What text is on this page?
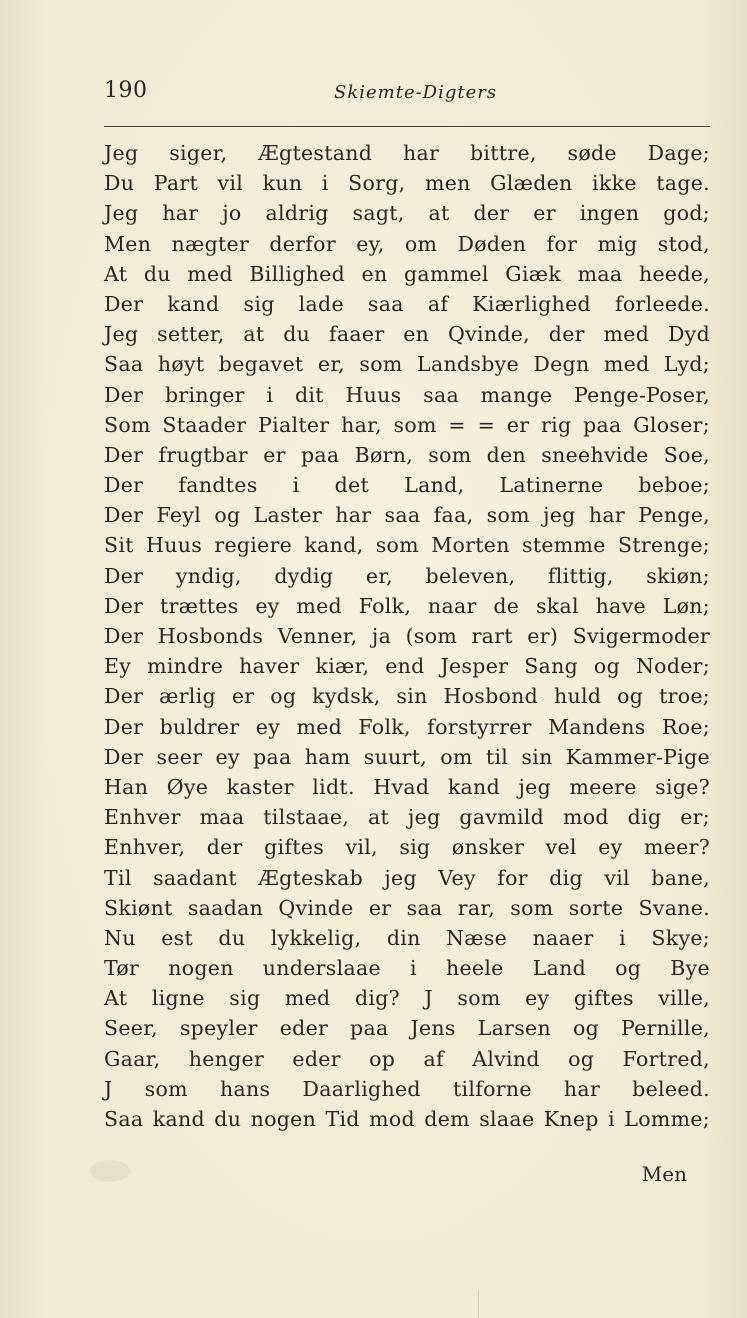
190	Skiemte-Digters
Jeg siger, Ægtestand har bittre, søde Dage;
Du Part vil kun i Sorg, men Glæden ikke tage.
Jeg har jo aldrig sagt, at der er ingen god;
Men nægter derfor ey, om Døden for mig stod,
At du med Billighed en gammel Giæk maa heede,
Der kand sig lade saa af Kiærlighed forleede.
Jeg setter, at du faaer en Qvinde, der med Dyd
Saa høyt begavet er, som Landsbye Degn med Lyd;
Der bringer i dit Huus saa mange Penge-Poser,
Som Staader Pialter har, som = = er rig paa Gloser;
Der frugtbar er paa Børn, som den sneehvide Soe,
Der fandtes i det Land, Latinerne beboe;
Der Feyl og Laster har saa faa, som jeg har Penge,
Sit Huus regiere kand, som Morten stemme Strenge;
Der yndig, dydig er, beleven, flittig, skiøn;
Der trættes ey med Folk, naar de skal have Løn;
Der Hosbonds Venner, ja (som rart er) Svigermoder
Ey mindre haver kiær, end Jesper Sang og Noder;
Der ærlig er og kydsk, sin Hosbond huld og troe;
Der buldrer ey med Folk, forstyrrer Mandens Roe;
Der seer ey paa ham suurt, om til sin Kammer-Pige
Han Øye kaster lidt. Hvad kand jeg meere sige?
Enhver maa tilstaae, at jeg gavmild mod dig er;
Enhver, der giftes vil, sig ønsker vel ey meer?
Til saadant Ægteskab jeg Vey for dig vil bane,
Skiønt saadan Qvinde er saa rar, som sorte Svane.
Nu est du lykkelig, din Næse naaer i Skye;
Tør nogen underslaae i heele Land og Bye
At ligne sig med dig? J som ey giftes ville,
Seer, speyler eder paa Jens Larsen og Pernille,
Gaar, henger eder op af Alvind og Fortred,
J som hans Daarlighed tilforne har beleed.
Saa kand du nogen Tid mod dem slaae Knep i Lomme;
Men
